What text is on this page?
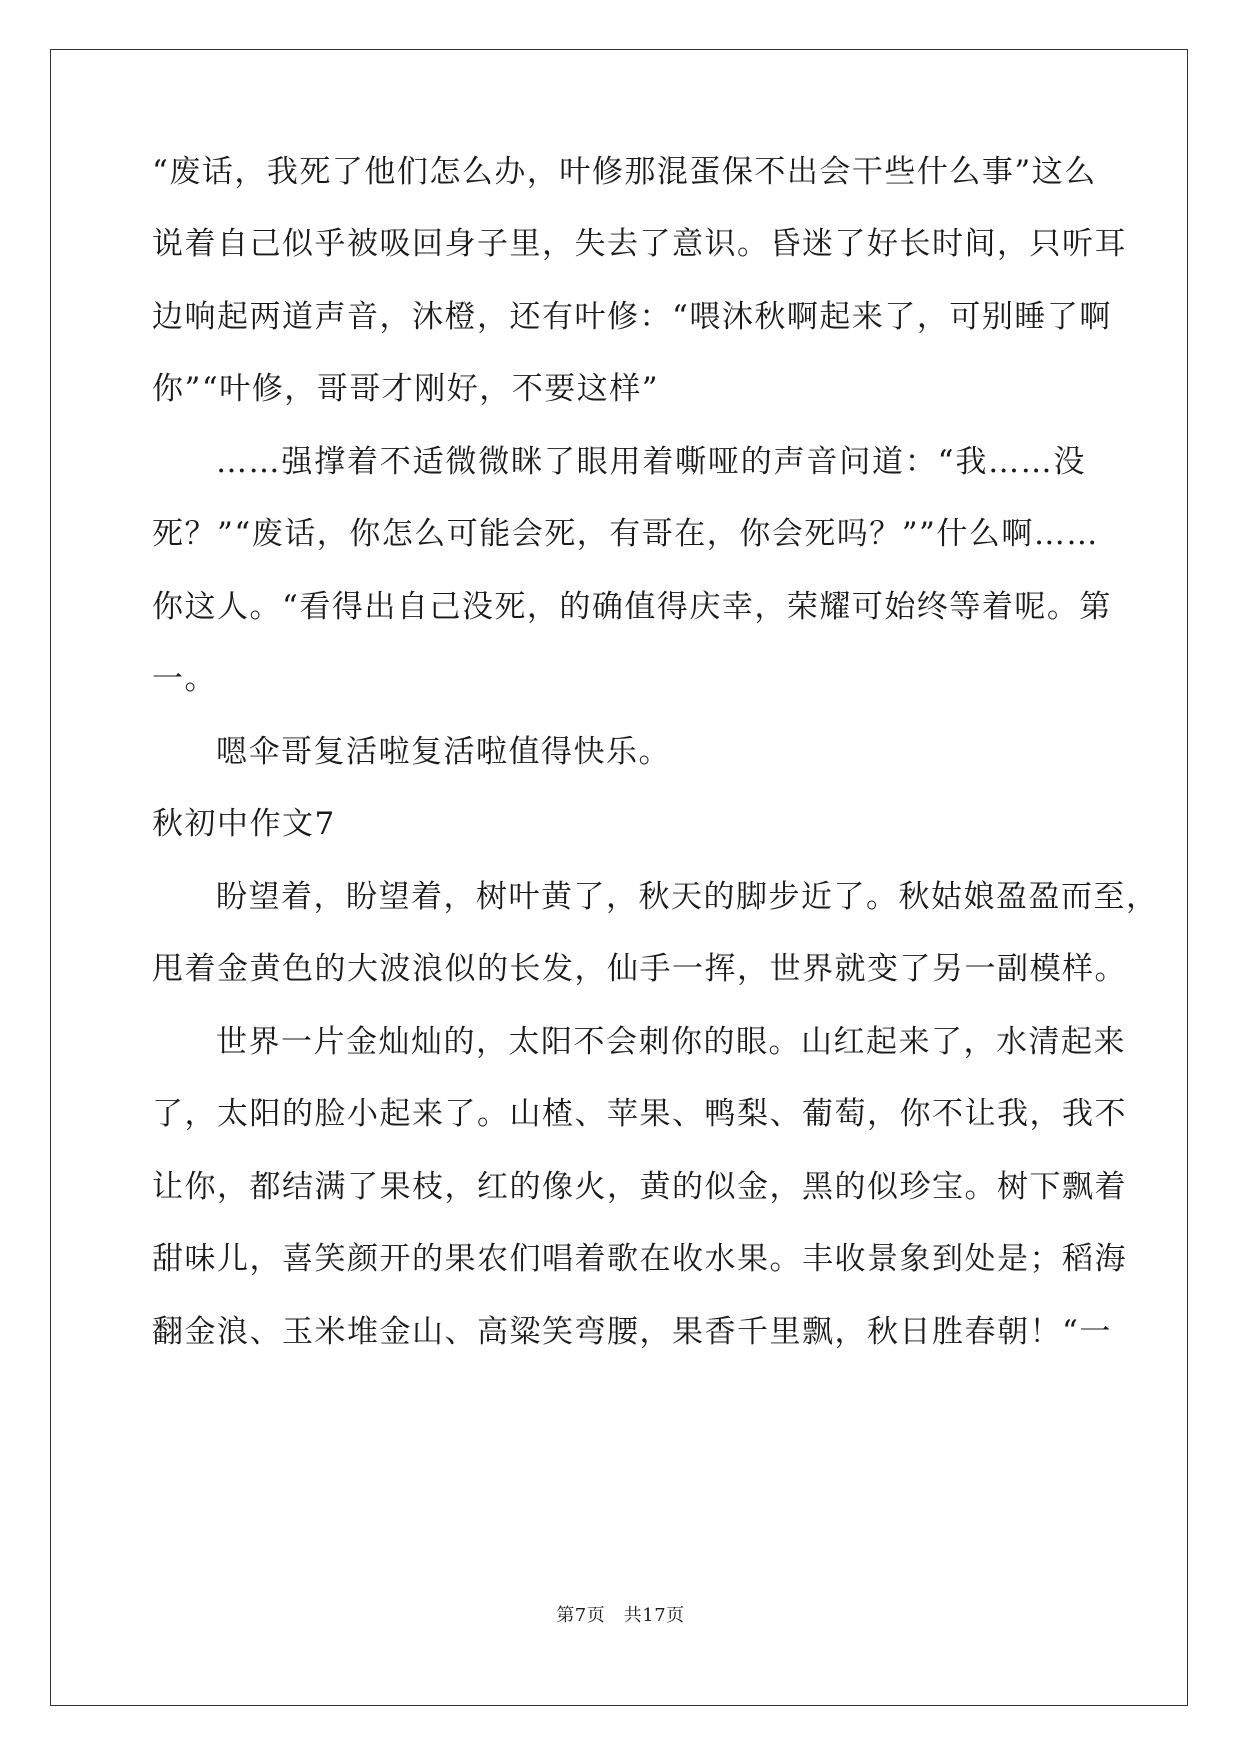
“废话，我死了他们怎么办，叶修那混蛋保不出会干些什么事”这么
说着自己似乎被吸回身子里，失去了意识。昏迷了好长时间，只听耳
边响起两道声音，沐橙，还有叶修：“喂沐秋啊起来了，可别睡了啊
你”“叶修，哥哥才刚好，不要这样”
……强撑着不适微微眯了眼用着嘶哑的声音问道：“我……没
死？”“废话，你怎么可能会死，有哥在，你会死吗？””什么啊……
你这人。“看得出自己没死，的确值得庆幸，荣耀可始终等着呢。第
一。
嗯伞哥复活啦复活啦值得快乐。
秋初中作文7
盼望着，盼望着，树叶黄了，秋天的脚步近了。秋姑娘盈盈而至，
甩着金黄色的大波浪似的长发，仙手一挥，世界就变了另一副模样。
世界一片金灿灿的，太阳不会刺你的眼。山红起来了，水清起来
了，太阳的脸小起来了。山楂、苹果、鸭梨、葡萄，你不让我，我不
让你，都结满了果枝，红的像火，黄的似金，黑的似珍宝。树下飘着
甜味儿，喜笑颜开的果农们唱着歌在收水果。丰收景象到处是；稻海
翻金浪、玉米堆金山、高粱笑弯腰，果香千里飘，秋日胜春朝！“一
第7页　共17页
